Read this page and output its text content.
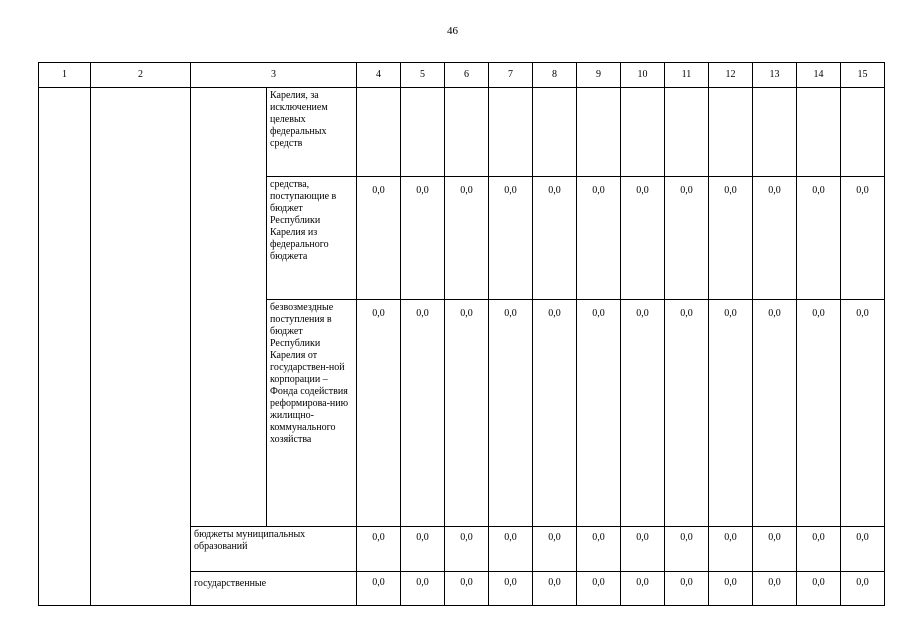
46
1	2	3		4	5	6	7	8	9	10	11	12	13	14	15
			Карелия, за исключением целевых федеральных средств												
			средства, поступающие в бюджет Республики Карелия из федерального бюджета	0,0	0,0	0,0	0,0	0,0	0,0	0,0	0,0	0,0	0,0	0,0	0,0
			безвозмездные поступления в бюджет Республики Карелия от государствен-ной корпорации – Фонда содействия реформирова-нию жилищно-коммунального хозяйства	0,0	0,0	0,0	0,0	0,0	0,0	0,0	0,0	0,0	0,0	0,0	0,0
		бюджеты муниципальных образований		0,0	0,0	0,0	0,0	0,0	0,0	0,0	0,0	0,0	0,0	0,0	0,0
		государственные		0,0	0,0	0,0	0,0	0,0	0,0	0,0	0,0	0,0	0,0	0,0	0,0
